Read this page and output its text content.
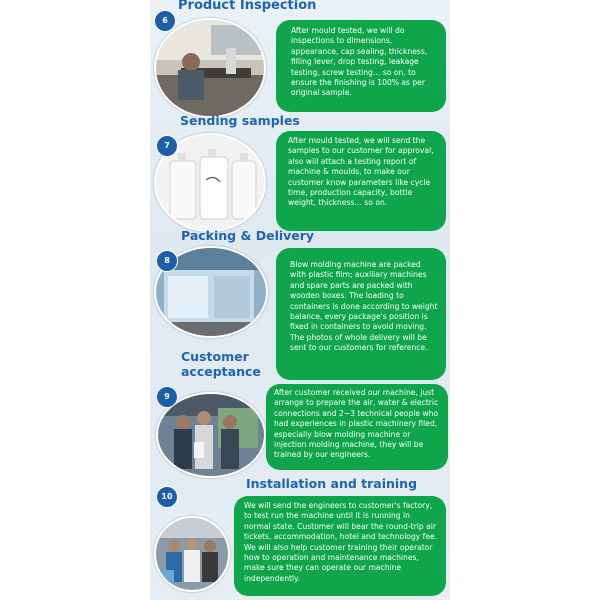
Product Inspection
6

After mould tested, we will do inspections to dimensions, appearance, cap sealing, thickness, filling lever, drop testing, leakage testing, screw testing… so on, to ensure the finishing is 100% as per original sample.

Sending samples
7

After mould tested, we will send the samples to our customer for approval, also will attach a testing report of machine & moulds, to make our customer know parameters like cycle time, production capacity, bottle weight, thickness… so on.

Packing & Delivery
8	Blow molding machine are packed with plastic film; auxiliary machines and spare parts are packed with wooden boxes. The loading to containers is done according to weight balance, every package's position is fixed in containers to avoid moving. The photos of whole delivery will be sent to our customers for reference.

Customer
acceptance
9	After customer received our machine, just arrange to prepare the air, water & electric connections and 2~3 technical people who had experiences in plastic machinery filed, especially blow molding machine or injection molding machine, they will be trained by our engineers.

Installation and training
10

We will send the engineers to customer's factory, to test run the machine until it is running in normal state. Customer will bear the round-trip air tickets, accommodation, hotel and technology fee. We will also help customer training their operator how to operation and maintenance machines, make sure they can operate our machine independently.
